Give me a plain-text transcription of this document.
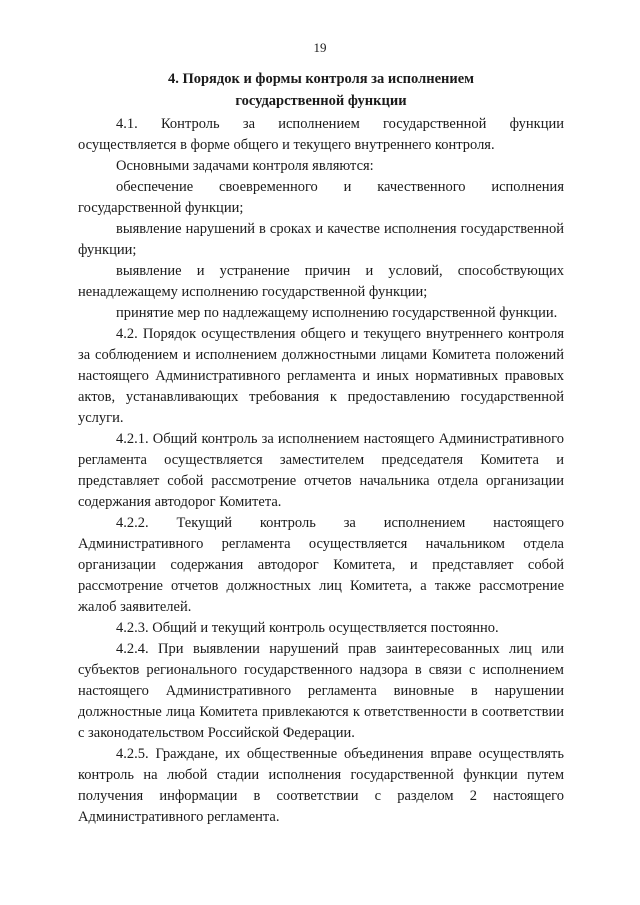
19
4. Порядок и формы контроля за исполнением
государственной функции

4.1. Контроль за исполнением государственной функции осуществляется в форме общего и текущего внутреннего контроля.

Основными задачами контроля являются:

обеспечение своевременного и качественного исполнения государственной функции;

выявление нарушений в сроках и качестве исполнения государственной функции;

выявление и устранение причин и условий, способствующих ненадлежащему исполнению государственной функции;

принятие мер по надлежащему исполнению государственной функции.

4.2. Порядок осуществления общего и текущего внутреннего контроля за соблюдением и исполнением должностными лицами Комитета положений настоящего Административного регламента и иных нормативных правовых актов, устанавливающих требования к предоставлению государственной услуги.

4.2.1. Общий контроль за исполнением настоящего Административного регламента осуществляется заместителем председателя Комитета и представляет собой рассмотрение отчетов начальника отдела организации содержания автодорог Комитета.

4.2.2. Текущий контроль за исполнением настоящего Административного регламента осуществляется начальником отдела организации содержания автодорог Комитета, и представляет собой рассмотрение отчетов должностных лиц Комитета, а также рассмотрение жалоб заявителей.

4.2.3. Общий и текущий контроль осуществляется постоянно.

4.2.4. При выявлении нарушений прав заинтересованных лиц или субъектов регионального государственного надзора в связи с исполнением настоящего Административного регламента виновные в нарушении должностные лица Комитета привлекаются к ответственности в соответствии с законодательством Российской Федерации.

4.2.5. Граждане, их общественные объединения вправе осуществлять контроль на любой стадии исполнения государственной функции путем получения информации в соответствии с разделом 2 настоящего Административного регламента.
